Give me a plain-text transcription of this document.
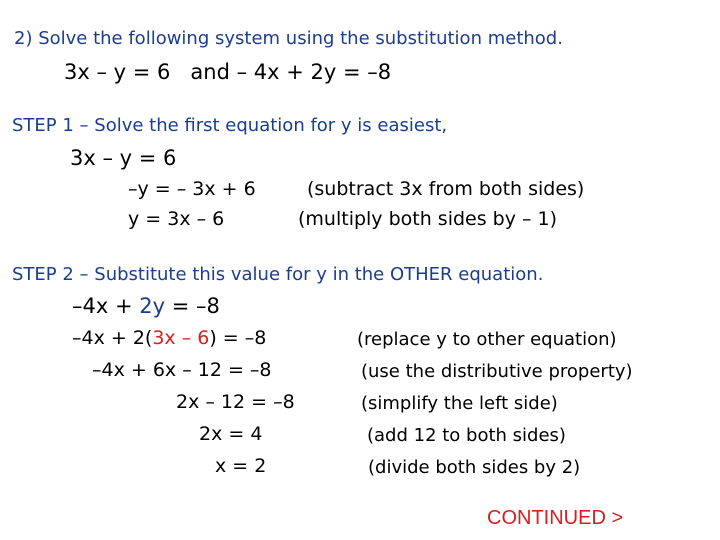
2) Solve the following system using the substitution method.
3x – y = 6   and – 4x + 2y = –8
STEP 1 – Solve the first equation for y is easiest,
3x – y = 6
–y = – 3x + 6	(subtract 3x from both sides)
y = 3x – 6	(multiply both sides by – 1)
STEP 2 – Substitute this value for y in the OTHER equation.
–4x + 2y = –8
–4x + 2(3x – 6) = –8	(replace y to other equation)
–4x + 6x – 12 = –8	(use the distributive property)
2x – 12 = –8	(simplify the left side)
2x = 4	(add 12 to both sides)
x = 2	(divide both sides by 2)
CONTINUED >
